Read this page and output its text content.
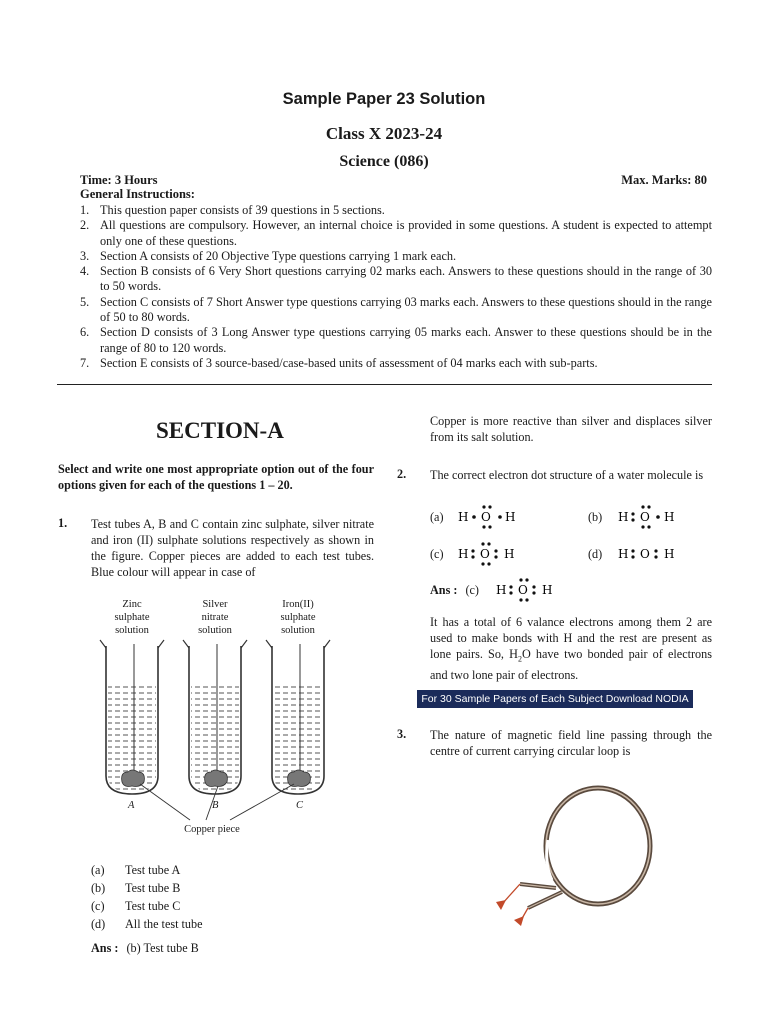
Sample Paper 23 Solution
Class X 2023-24
Science (086)
Time: 3 Hours	Max. Marks: 80
General Instructions:
1. This question paper consists of 39 questions in 5 sections.
2. All questions are compulsory. However, an internal choice is provided in some questions. A student is expected to attempt only one of these questions.
3. Section A consists of 20 Objective Type questions carrying 1 mark each.
4. Section B consists of 6 Very Short questions carrying 02 marks each. Answers to these questions should in the range of 30 to 50 words.
5. Section C consists of 7 Short Answer type questions carrying 03 marks each. Answers to these questions should in the range of 50 to 80 words.
6. Section D consists of 3 Long Answer type questions carrying 05 marks each. Answer to these questions should be in the range of 80 to 120 words.
7. Section E consists of 3 source-based/case-based units of assessment of 04 marks each with sub-parts.
SECTION-A
Select and write one most appropriate option out of the four options given for each of the questions 1 – 20.
1. Test tubes A, B and C contain zinc sulphate, silver nitrate and iron (II) sulphate solutions respectively as shown in the figure. Copper pieces are added to each test tubes. Blue colour will appear in case of
Zinc
sulphate
solution
Silver
nitrate
solution
Iron(II)
sulphate
solution
A	B	C
Copper piece
(a) Test tube A
(b) Test tube B
(c) Test tube C
(d) All the test tube
Ans : (b) Test tube B
Copper is more reactive than silver and displaces silver from its salt solution.
2. The correct electron dot structure of a water molecule is
(a) H O H	(b) H O H
(c) H O H	(d) H O H
Ans : (c) H O H
It has a total of 6 valance electrons among them 2 are used to make bonds with H and the rest are present as lone pairs. So, $H_2O$ have two bonded pair of electrons and two lone pair of electrons.
For 30 Sample Papers of Each Subject Download NODIA App
3. The nature of magnetic field line passing through the centre of current carrying circular loop is
